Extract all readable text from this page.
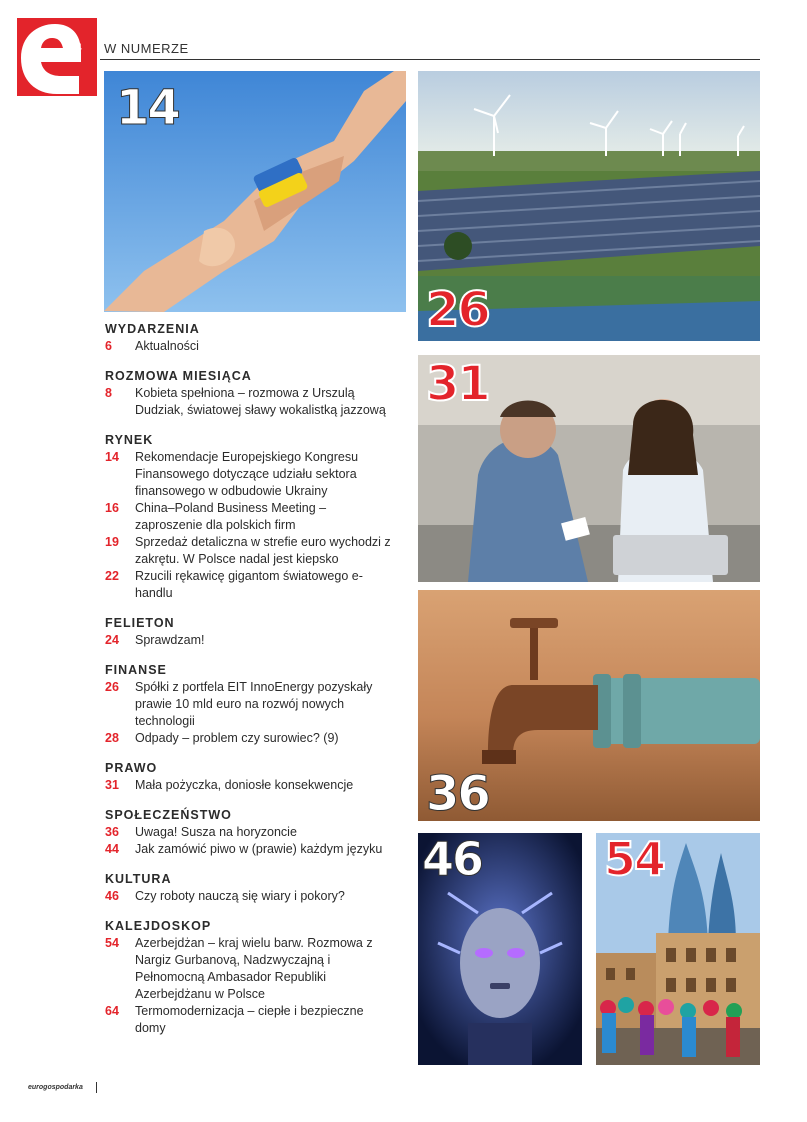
4 W NUMERZE
14
26
31
36
46	54
WYDARZENIA
6	Aktualności
ROZMOWA MIESIĄCA
8	Kobieta spełniona – rozmowa z Urszulą Dudziak, światowej sławy wokalistką jazzową
RYNEK
14	Rekomendacje Europejskiego Kongresu Finansowego dotyczące udziału sektora finansowego w odbudowie Ukrainy
16	China–Poland Business Meeting – zaproszenie dla polskich firm
19	Sprzedaż detaliczna w strefie euro wychodzi z zakrętu. W Polsce nadal jest kiepsko
22	Rzucili rękawicę gigantom światowego e-handlu
FELIETON
24	Sprawdzam!
FINANSE
26	Spółki z portfela EIT InnoEnergy pozyskały prawie 10 mld euro na rozwój nowych technologii
28	Odpady – problem czy surowiec? (9)
PRAWO
31	Mała pożyczka, doniosłe konsekwencje
SPOŁECZEŃSTWO
36	Uwaga! Susza na horyzoncie
44	Jak zamówić piwo w (prawie) każdym języku
KULTURA
46	Czy roboty nauczą się wiary i pokory?
KALEJDOSKOP
54	Azerbejdżan – kraj wielu barw. Rozmowa z Nargiz Gurbanovą, Nadzwyczajną i Pełnomocną Ambasador Republiki Azerbejdżanu w Polsce
64	Termomodernizacja – ciepłe i bezpieczne domy
eurogospodarka
